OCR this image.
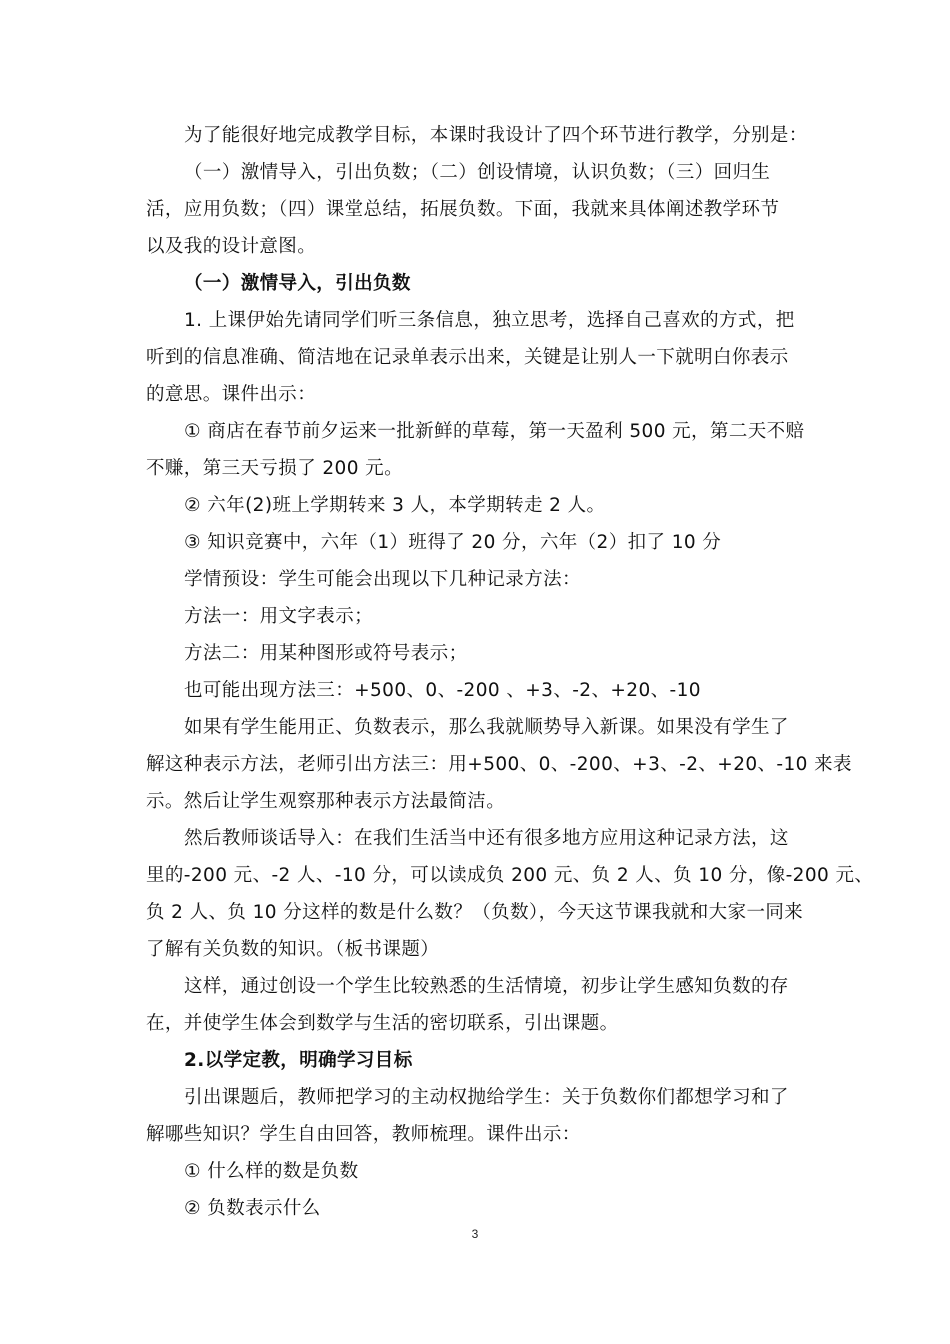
为了能很好地完成教学目标，本课时我设计了四个环节进行教学，分别是：
（一）激情导入，引出负数；（二）创设情境，认识负数；（三）回归生
活，应用负数；（四）课堂总结，拓展负数。下面，我就来具体阐述教学环节
以及我的设计意图。
（一）激情导入，引出负数
1. 上课伊始先请同学们听三条信息，独立思考，选择自己喜欢的方式，把
听到的信息准确、简洁地在记录单表示出来，关键是让别人一下就明白你表示
的意思。课件出示：
① 商店在春节前夕运来一批新鲜的草莓，第一天盈利 500 元，第二天不赔
不赚，第三天亏损了 200 元。
② 六年(2)班上学期转来 3 人，本学期转走 2 人。
③ 知识竞赛中，六年（1）班得了 20 分，六年（2）扣了 10 分
学情预设：学生可能会出现以下几种记录方法：
方法一：用文字表示；
方法二：用某种图形或符号表示；
也可能出现方法三：+500、0、-200 、+3、-2、+20、-10
如果有学生能用正、负数表示，那么我就顺势导入新课。如果没有学生了
解这种表示方法，老师引出方法三：用+500、0、-200、+3、-2、+20、-10 来表
示。然后让学生观察那种表示方法最简洁。
然后教师谈话导入：在我们生活当中还有很多地方应用这种记录方法，这
里的-200 元、-2 人、-10 分，可以读成负 200 元、负 2 人、负 10 分，像-200 元、
负 2 人、负 10 分这样的数是什么数？（负数），今天这节课我就和大家一同来
了解有关负数的知识。（板书课题）
这样，通过创设一个学生比较熟悉的生活情境，初步让学生感知负数的存
在，并使学生体会到数学与生活的密切联系，引出课题。
2.以学定教，明确学习目标
引出课题后，教师把学习的主动权抛给学生：关于负数你们都想学习和了
解哪些知识？学生自由回答，教师梳理。课件出示：
① 什么样的数是负数
② 负数表示什么
3
